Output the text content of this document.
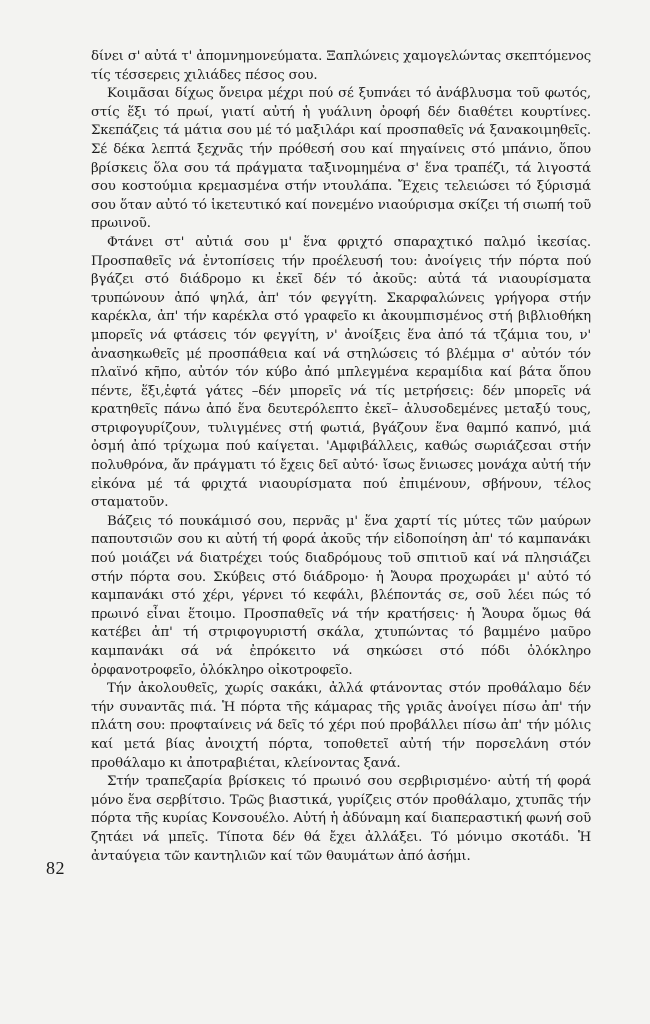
δίνει σ' αὐτά τ' ἀπομνημονεύματα. Ξαπλώνεις χαμογελώντας σκεπτόμενος τίς τέσσερεις χιλιάδες πέσος σου.

Κοιμᾶσαι δίχως ὄνειρα μέχρι πού σέ ξυπνάει τό ἀνάβλυσμα τοῦ φωτός, στίς ἕξι τό πρωί, γιατί αὐτή ἡ γυάλινη ὀροφή δέν διαθέτει κουρτίνες. Σκεπάζεις τά μάτια σου μέ τό μαξιλάρι καί προσπαθεῖς νά ξανακοιμηθεῖς. Σέ δέκα λεπτά ξεχνᾶς τήν πρόθεσή σου καί πηγαίνεις στό μπάνιο, ὅπου βρίσκεις ὅλα σου τά πράγματα ταξινομημένα σ' ἕνα τραπέζι, τά λιγοστά σου κοστούμια κρεμασμένα στήν ντουλάπα. Ἔχεις τελειώσει τό ξύρισμά σου ὅταν αὐτό τό ἱκετευτικό καί πονεμένο νιαούρισμα σκίζει τή σιωπή τοῦ πρωινοῦ.

Φτάνει στ' αὐτιά σου μ' ἕνα φριχτό σπαραχτικό παλμό ἱκεσίας. Προσπαθεῖς νά ἐντοπίσεις τήν προέλευσή του: ἀνοίγεις τήν πόρτα πού βγάζει στό διάδρομο κι ἐκεῖ δέν τό ἀκοῦς: αὐτά τά νιαουρίσματα τρυπώνουν ἀπό ψηλά, ἀπ' τόν φεγγίτη. Σκαρφαλώνεις γρήγορα στήν καρέκλα, ἀπ' τήν καρέκλα στό γραφεῖο κι ἀκουμπισμένος στή βιβλιοθήκη μπορεῖς νά φτάσεις τόν φεγγίτη, ν' ἀνοίξεις ἕνα ἀπό τά τζάμια του, ν' ἀνασηκωθεῖς μέ προσπάθεια καί νά στηλώσεις τό βλέμμα σ' αὐτόν τόν πλαϊνό κῆπο, αὐτόν τόν κύβο ἀπό μπλεγμένα κεραμίδια καί βάτα ὅπου πέντε, ἕξι,ἑφτά γάτες –δέν μπορεῖς νά τίς μετρήσεις: δέν μπορεῖς νά κρατηθεῖς πάνω ἀπό ἕνα δευτερόλεπτο ἐκεῖ– ἁλυσοδεμένες μεταξύ τους, στριφογυρίζουν, τυλιγμένες στή φωτιά, βγάζουν ἕνα θαμπό καπνό, μιά ὀσμή ἀπό τρίχωμα πού καίγεται. 'Αμφιβάλλεις, καθώς σωριάζεσαι στήν πολυθρόνα, ἄν πράγματι τό ἔχεις δεῖ αὐτό· ἴσως ἔνιωσες μονάχα αὐτή τήν εἰκόνα μέ τά φριχτά νιαουρίσματα πού ἐπιμένουν, σβήνουν, τέλος σταματοῦν.

Βάζεις τό πουκάμισό σου, περνᾶς μ' ἕνα χαρτί τίς μύτες τῶν μαύρων παπουτσιῶν σου κι αὐτή τή φορά ἀκοῦς τήν εἰδοποίηση ἀπ' τό καμπανάκι πού μοιάζει νά διατρέχει τούς διαδρόμους τοῦ σπιτιοῦ καί νά πλησιάζει στήν πόρτα σου. Σκύβεις στό διάδρομο· ἡ Ἄουρα προχωράει μ' αὐτό τό καμπανάκι στό χέρι, γέρνει τό κεφάλι, βλέποντάς σε, σοῦ λέει πώς τό πρωινό εἶναι ἕτοιμο. Προσπαθεῖς νά τήν κρατήσεις· ἡ Ἄουρα ὅμως θά κατέβει ἀπ' τή στριφογυριστή σκάλα, χτυπώντας τό βαμμένο μαῦρο καμπανάκι σά νά ἐπρόκειτο νά σηκώσει στό πόδι ὁλόκληρο ὀρφανοτροφεῖο, ὁλόκληρο οἰκοτροφεῖο.

Τήν ἀκολουθεῖς, χωρίς σακάκι, ἀλλά φτάνοντας στόν προθάλαμο δέν τήν συναντᾶς πιά. Ἡ πόρτα τῆς κάμαρας τῆς γριᾶς ἀνοίγει πίσω ἀπ' τήν πλάτη σου: προφταίνεις νά δεῖς τό χέρι πού προβάλλει πίσω ἀπ' τήν μόλις καί μετά βίας ἀνοιχτή πόρτα, τοποθετεῖ αὐτή τήν πορσελάνη στόν προθάλαμο κι ἀποτραβιέται, κλείνοντας ξανά.

Στήν τραπεζαρία βρίσκεις τό πρωινό σου σερβιρισμένο· αὐτή τή φορά μόνο ἕνα σερβίτσιο. Τρῶς βιαστικά, γυρίζεις στόν προθάλαμο, χτυπᾶς τήν πόρτα τῆς κυρίας Κονσουέλο. Αὐτή ἡ ἀδύναμη καί διαπεραστική φωνή σοῦ ζητάει νά μπεῖς. Τίποτα δέν θά ἔχει ἀλλάξει. Τό μόνιμο σκοτάδι. Ἡ ἀνταύγεια τῶν καντηλιῶν καί τῶν θαυμάτων ἀπό ἀσήμι.

82
